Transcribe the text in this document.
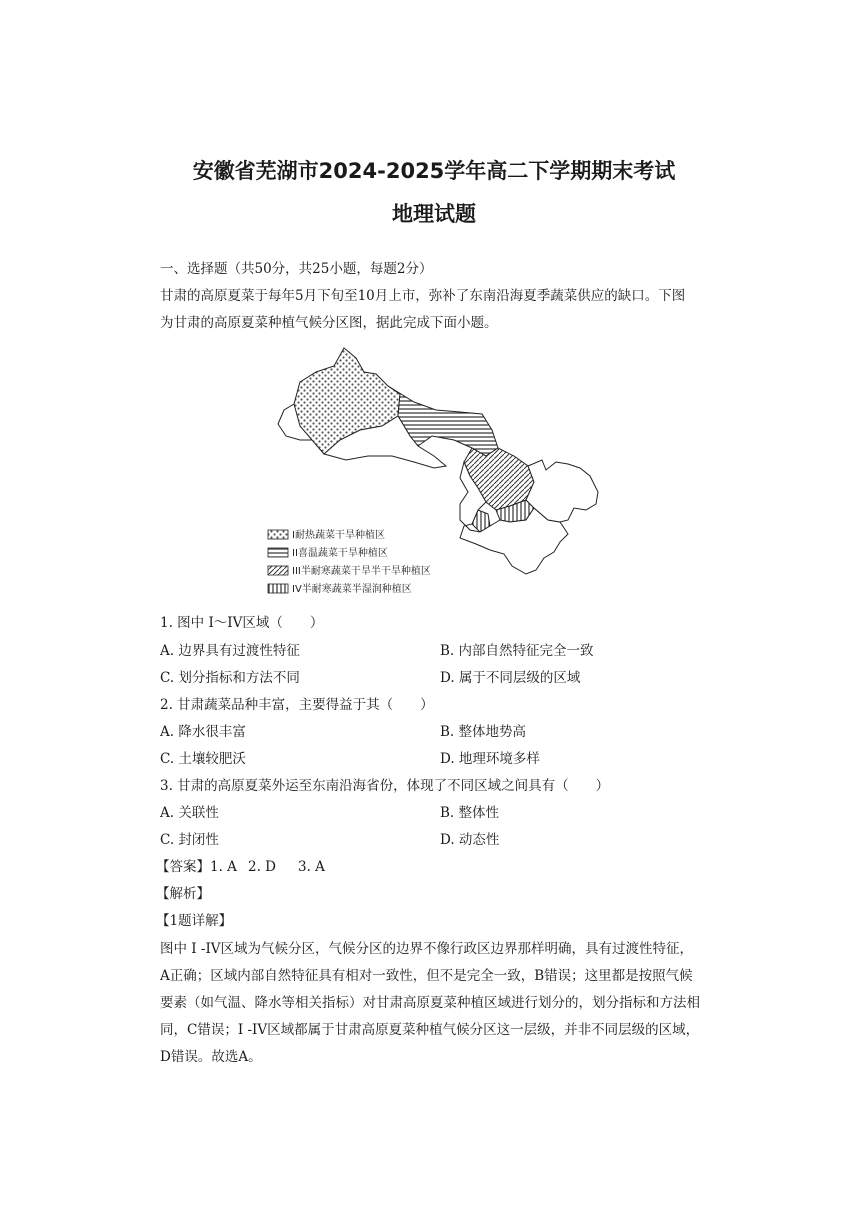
安徽省芜湖市2024-2025学年高二下学期期末考试
地理试题
一、选择题（共50分，共25小题，每题2分）
甘肃的高原夏菜于每年5月下旬至10月上市，弥补了东南沿海夏季蔬菜供应的缺口。下图
为甘肃的高原夏菜种植气候分区图，据此完成下面小题。
I耐热蔬菜干旱种植区
II喜温蔬菜干旱种植区
III半耐寒蔬菜干旱半干旱种植区
IV半耐寒蔬菜半湿润种植区
1. 图中 I～IV区域（　　）
A. 边界具有过渡性特征	B. 内部自然特征完全一致
C. 划分指标和方法不同	D. 属于不同层级的区域
2. 甘肃蔬菜品种丰富，主要得益于其（　　）
A. 降水很丰富	B. 整体地势高
C. 土壤较肥沃	D. 地理环境多样
3. 甘肃的高原夏菜外运至东南沿海省份，体现了不同区域之间具有（　　）
A. 关联性	B. 整体性
C. 封闭性	D. 动态性
【答案】1. A 2. D 3. A
【解析】
【1题详解】
图中 I -IV区域为气候分区，气候分区的边界不像行政区边界那样明确，具有过渡性特征，
A正确；区域内部自然特征具有相对一致性，但不是完全一致，B错误；这里都是按照气候
要素（如气温、降水等相关指标）对甘肃高原夏菜种植区域进行划分的，划分指标和方法相
同，C错误；I -IV区域都属于甘肃高原夏菜种植气候分区这一层级，并非不同层级的区域，
D错误。故选A。
